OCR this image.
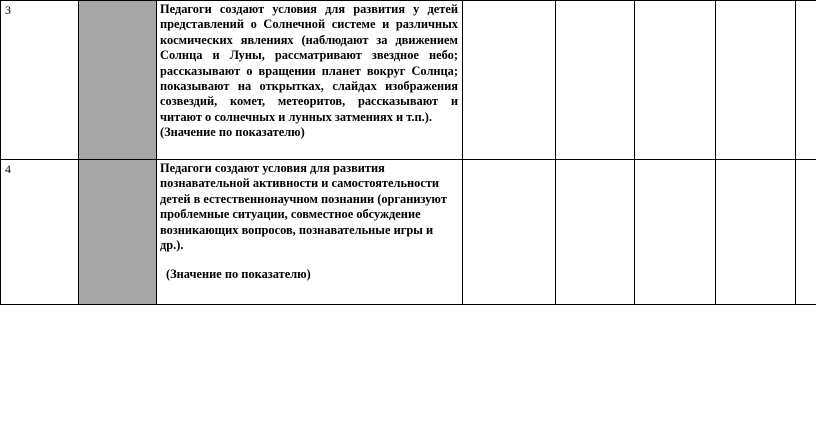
3		Педагоги создают условия для развития у детей представлений о Солнечной системе и различных космических явлениях (наблюдают за движением Солнца и Луны, рассматривают звездное небо; рассказывают о вращении планет вокруг Солнца; показывают на открытках, слайдах изображения созвездий, комет, метеоритов, рассказывают и читают о солнечных и лунных затмениях и т.п.).
(Значение по показателю)					

4		Педагоги создают условия для развития познавательной активности и самостоятельности детей в естественнонаучном познании (организуют проблемные ситуации, совместное обсуждение возникающих вопросов, познавательные игры и др.).
(Значение по показателю)					
